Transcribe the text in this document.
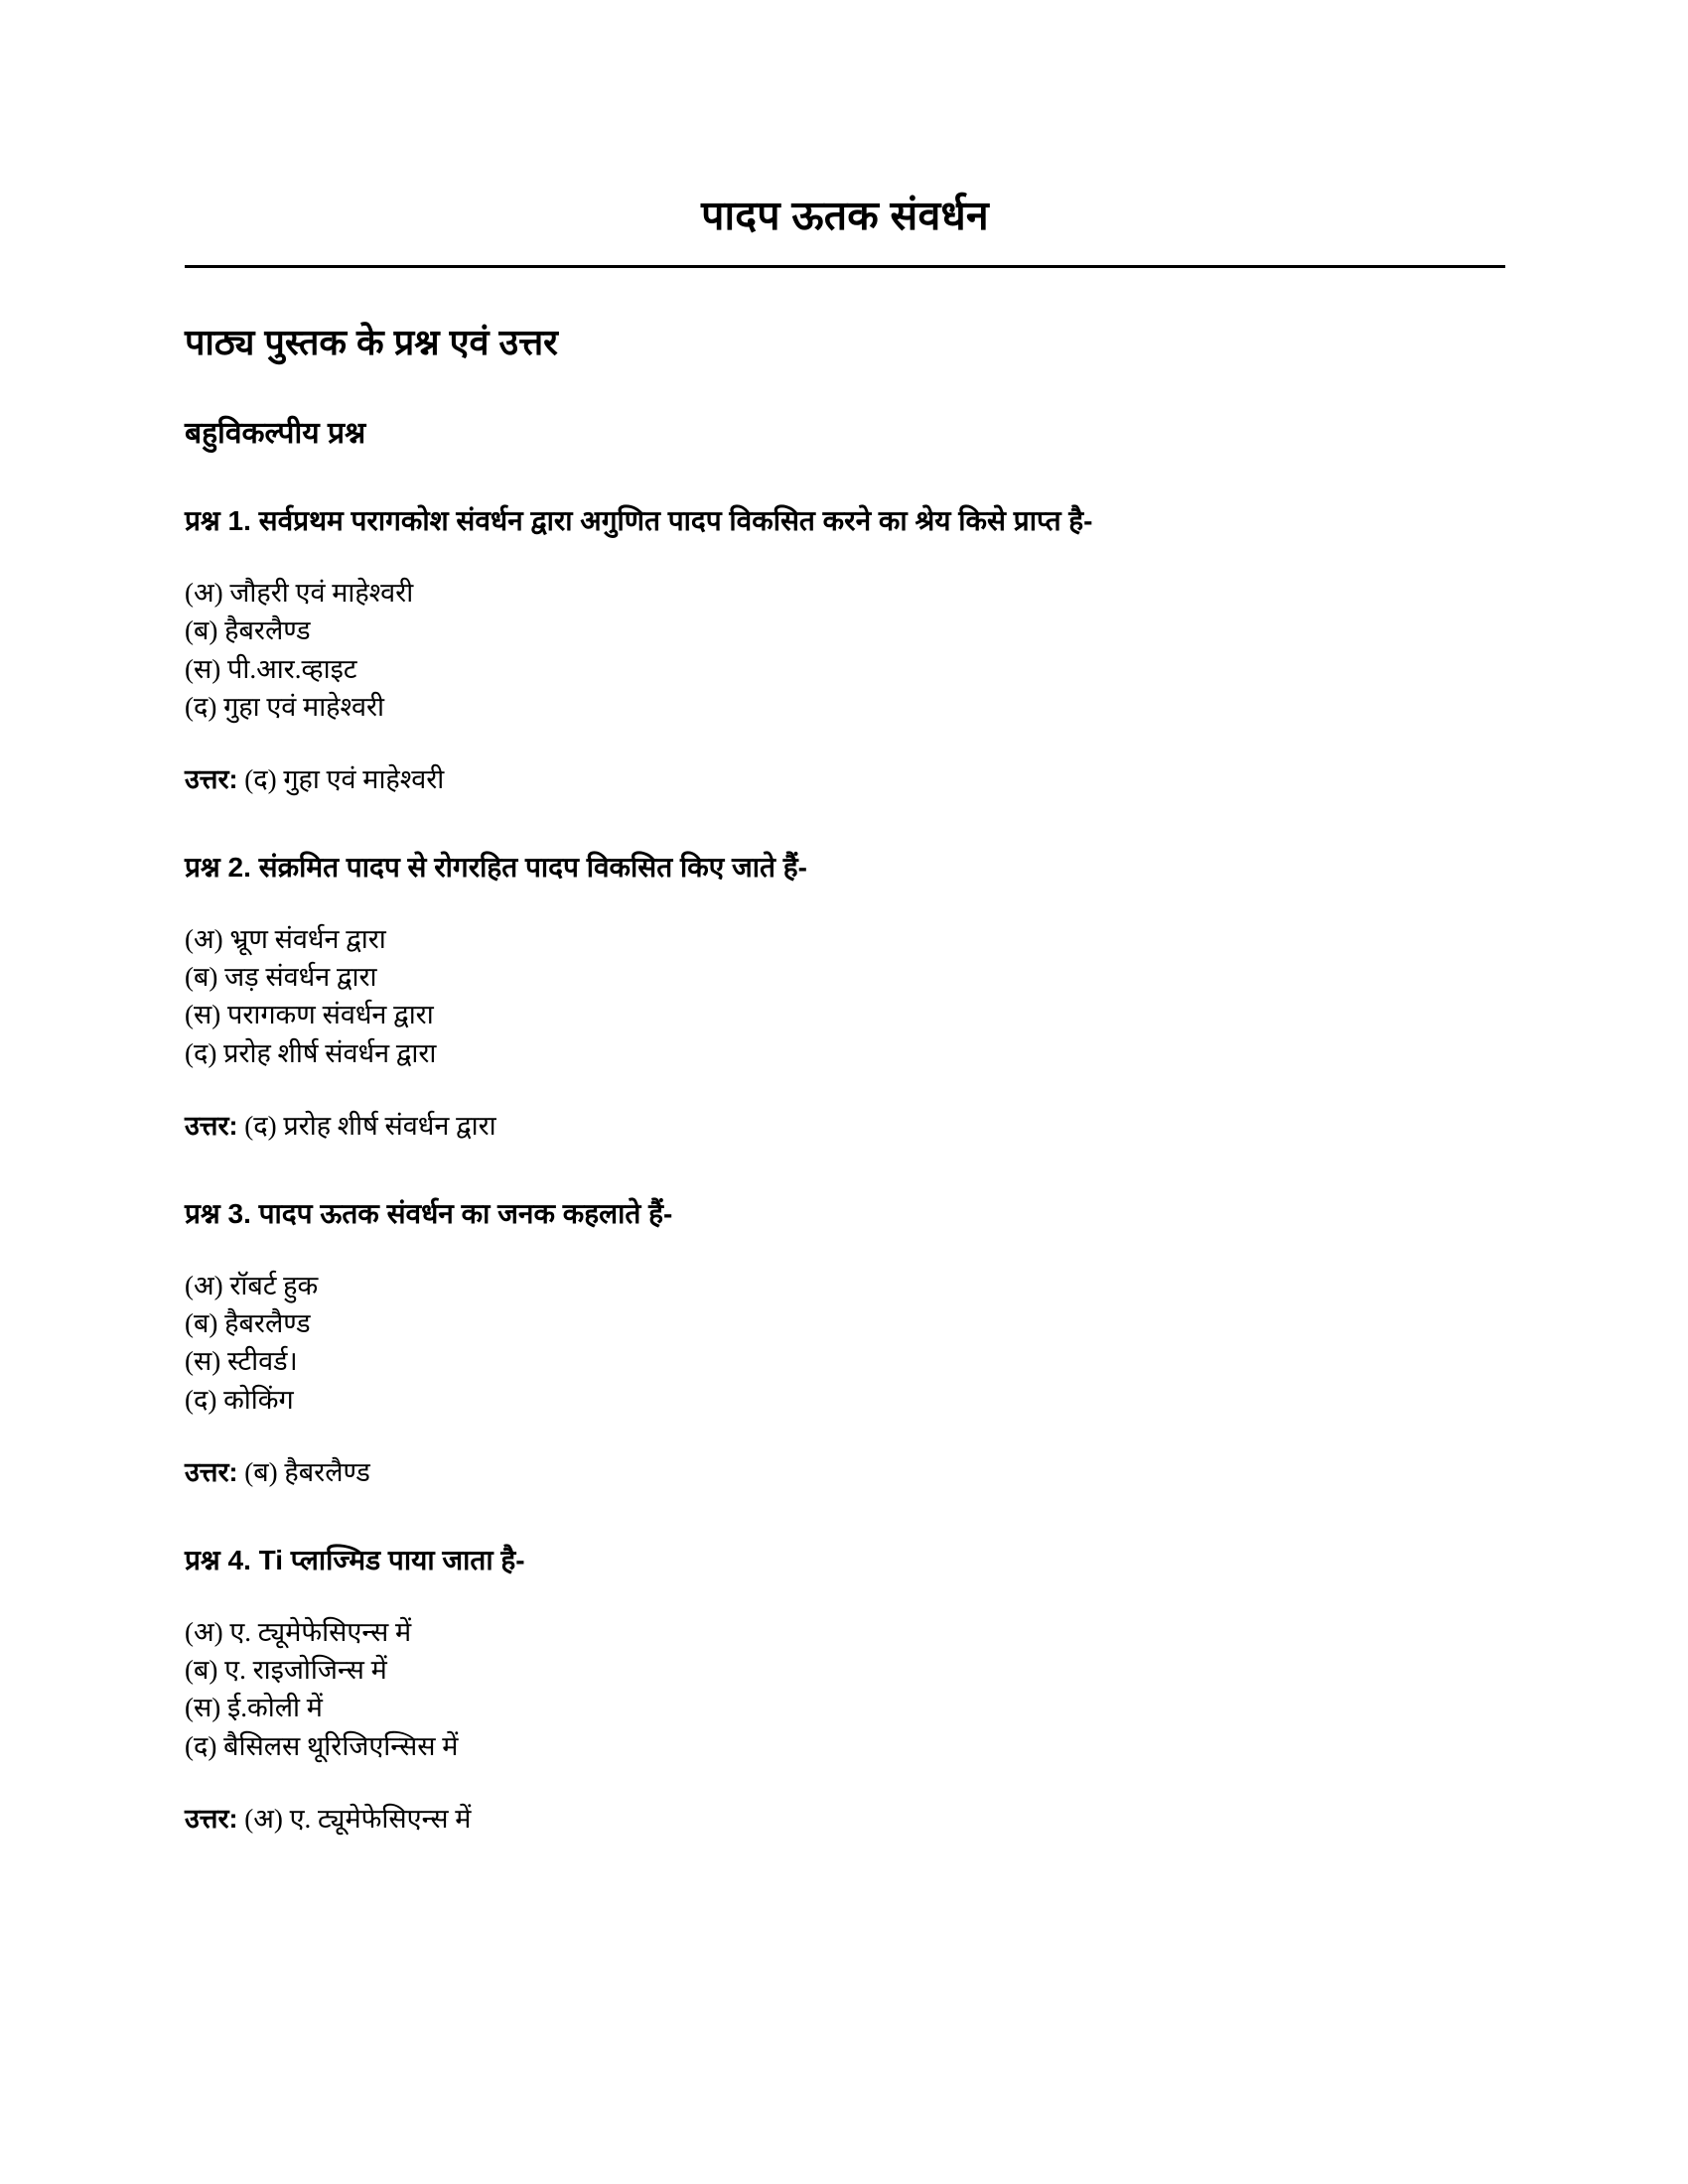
पादप ऊतक संवर्धन
पाठ्य पुस्तक के प्रश्न एवं उत्तर
बहुविकल्पीय प्रश्न

प्रश्न 1. सर्वप्रथम परागकोश संवर्धन द्वारा अगुणित पादप विकसित करने का श्रेय किसे प्राप्त है-

(अ) जौहरी एवं माहेश्वरी
(ब) हैबरलैण्ड
(स) पी.आर.व्हाइट
(द) गुहा एवं माहेश्वरी

उत्तर: (द) गुहा एवं माहेश्वरी

प्रश्न 2. संक्रमित पादप से रोगरहित पादप विकसित किए जाते हैं-

(अ) भ्रूण संवर्धन द्वारा
(ब) जड़ संवर्धन द्वारा
(स) परागकण संवर्धन द्वारा
(द) प्ररोह शीर्ष संवर्धन द्वारा

उत्तर: (द) प्ररोह शीर्ष संवर्धन द्वारा

प्रश्न 3. पादप ऊतक संवर्धन का जनक कहलाते हैं-

(अ) रॉबर्ट हुक
(ब) हैबरलैण्ड
(स) स्टीवर्ड।
(द) कोकिंग

उत्तर: (ब) हैबरलैण्ड

प्रश्न 4. Ti प्लाज्मिड पाया जाता है-

(अ) ए. ट्यूमेफेसिएन्स में
(ब) ए. राइजोजिन्स में
(स) ई.कोली में
(द) बैसिलस थूरिजिएन्सिस में

उत्तर: (अ) ए. ट्यूमेफेसिएन्स में
